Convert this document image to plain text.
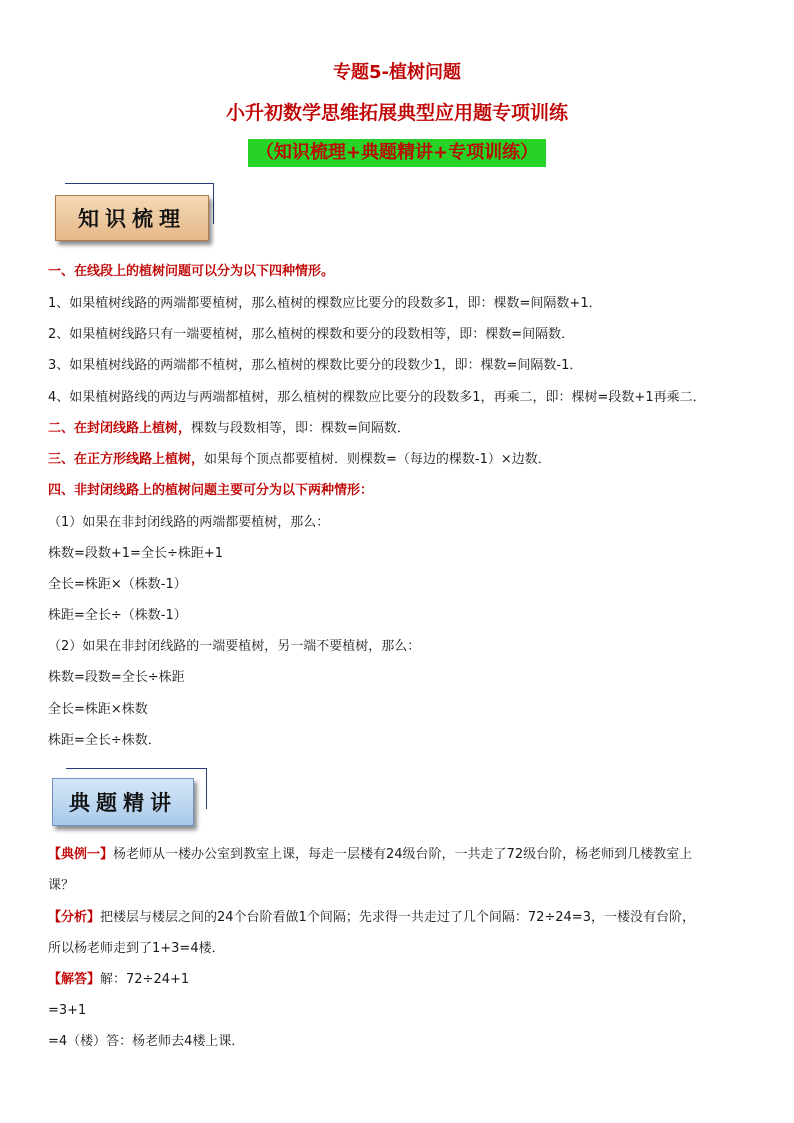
专题5-植树问题
小升初数学思维拓展典型应用题专项训练
（知识梳理+典题精讲+专项训练）
知识梳理
一、在线段上的植树问题可以分为以下四种情形。
1、如果植树线路的两端都要植树，那么植树的棵数应比要分的段数多1，即：棵数=间隔数+1．
2、如果植树线路只有一端要植树，那么植树的棵数和要分的段数相等，即：棵数=间隔数．
3、如果植树线路的两端都不植树，那么植树的棵数比要分的段数少1，即：棵数=间隔数-1．
4、如果植树路线的两边与两端都植树，那么植树的棵数应比要分的段数多1，再乘二，即：棵树=段数+1再乘二．
二、在封闭线路上植树，棵数与段数相等，即：棵数=间隔数．
三、在正方形线路上植树，如果每个顶点都要植树．则棵数=（每边的棵数-1）×边数．
四、非封闭线路上的植树问题主要可分为以下两种情形：
（1）如果在非封闭线路的两端都要植树，那么：
株数=段数+1=全长÷株距+1
全长=株距×（株数-1）
株距=全长÷（株数-1）
（2）如果在非封闭线路的一端要植树，另一端不要植树，那么：
株数=段数=全长÷株距
全长=株距×株数
株距=全长÷株数．
典题精讲
【典例一】杨老师从一楼办公室到教室上课，每走一层楼有24级台阶，一共走了72级台阶，杨老师到几楼教室上
课？
【分析】把楼层与楼层之间的24个台阶看做1个间隔；先求得一共走过了几个间隔：72÷24=3，一楼没有台阶，
所以杨老师走到了1+3=4楼．
【解答】解：72÷24+1
=3+1
=4（楼）答：杨老师去4楼上课．
